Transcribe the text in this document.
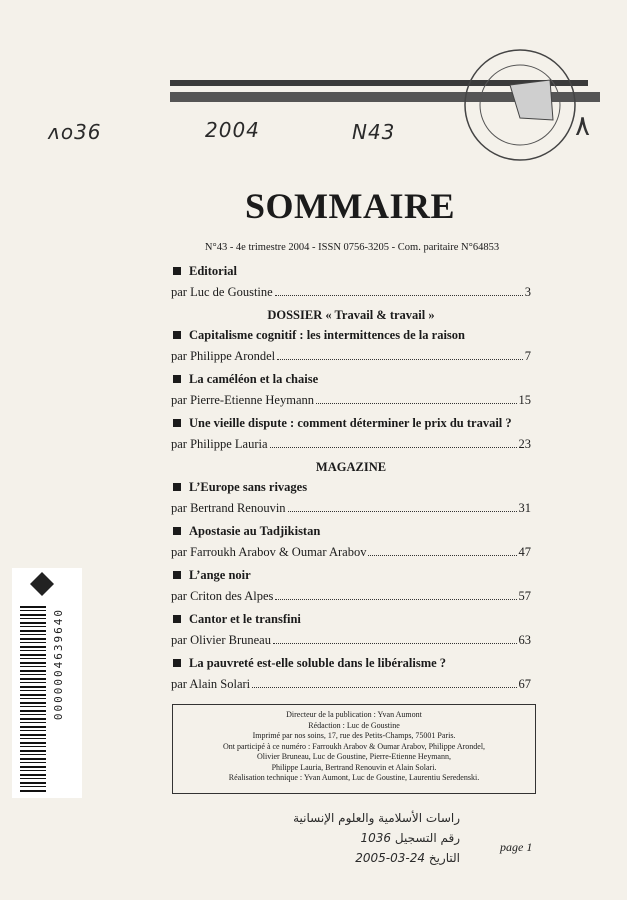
٨
ʌo36	2004	N43
SOMMAIRE
N°43 - 4e trimestre 2004 - ISSN 0756-3205 - Com. paritaire N°64853
Editorial
par Luc de Goustine	3
DOSSIER « Travail & travail »
Capitalisme cognitif : les intermittences de la raison
par Philippe Arondel	7
La caméléon et la chaise
par Pierre-Etienne Heymann	15
Une vieille dispute : comment déterminer le prix du travail ?
par Philippe Lauria	23
MAGAZINE
L’Europe sans rivages
par Bertrand Renouvin	31
Apostasie au Tadjikistan
par Farroukh Arabov & Oumar Arabov	47
L’ange noir
par Criton des Alpes	57
Cantor et le transfini
par Olivier Bruneau	63
La pauvreté est-elle soluble dans le libéralisme ?
par Alain Solari	67
Directeur de la publication : Yvan Aumont
Rédaction : Luc de Goustine
Imprimé par nos soins, 17, rue des Petits-Champs, 75001 Paris.
Ont participé à ce numéro : Farroukh Arabov & Oumar Arabov, Philippe Arondel,
Olivier Bruneau, Luc de Goustine, Pierre-Etienne Heymann,
Philippe Lauria, Bertrand Renouvin et Alain Solari.
Réalisation technique : Yvan Aumont, Luc de Goustine, Laurentiu Seredenski.
0000004639640
راسات الأسلامية والعلوم الإنسانية
رقم التسجيل 1036
التاريخ 24-03-2005
page 1
